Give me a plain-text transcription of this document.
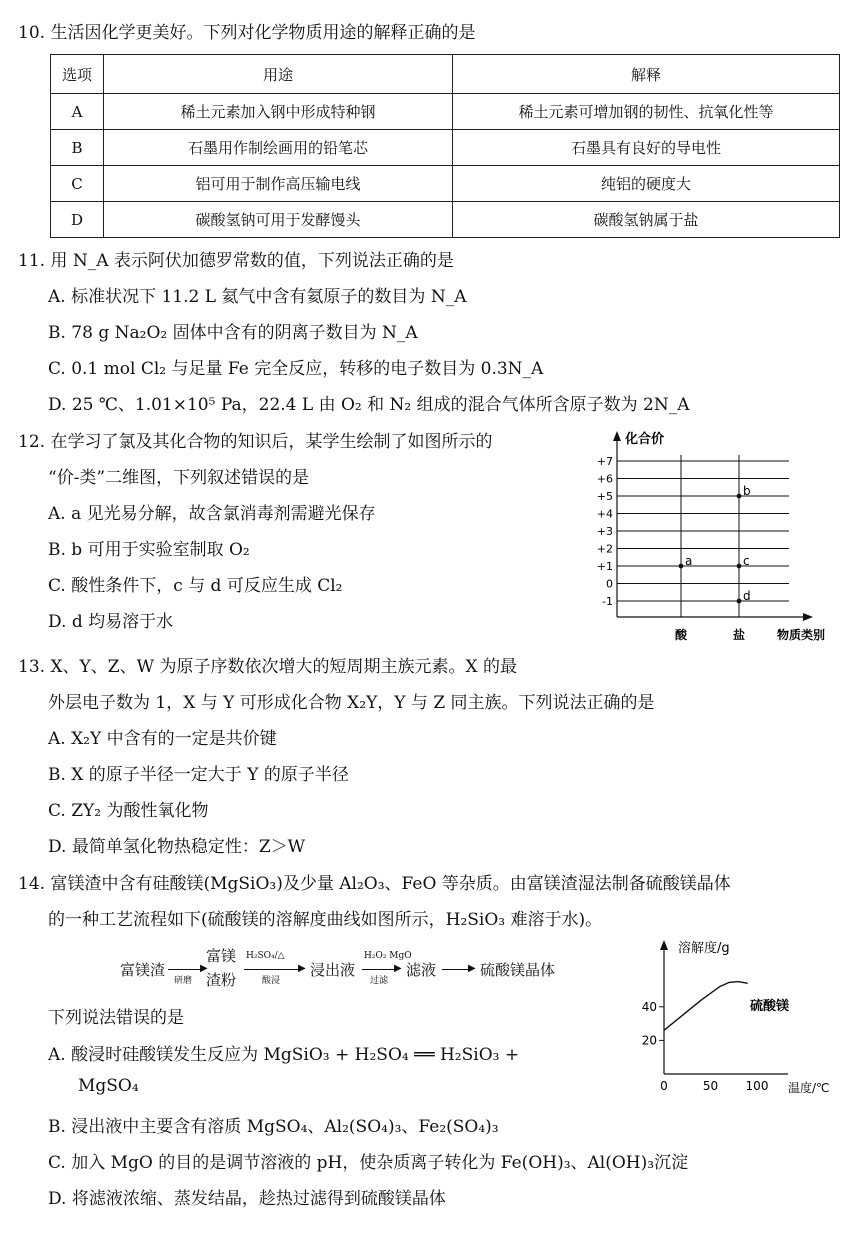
10. 生活因化学更美好。下列对化学物质用途的解释正确的是
选项	用途	解释
A	稀土元素加入钢中形成特种钢	稀土元素可增加钢的韧性、抗氧化性等
B	石墨用作制绘画用的铅笔芯	石墨具有良好的导电性
C	铝可用于制作高压输电线	纯铝的硬度大
D	碳酸氢钠可用于发酵馒头	碳酸氢钠属于盐
11. 用 N_A 表示阿伏加德罗常数的值，下列说法正确的是
A. 标准状况下 11.2 L 氦气中含有氦原子的数目为 N_A
B. 78 g Na₂O₂ 固体中含有的阴离子数目为 N_A
C. 0.1 mol Cl₂ 与足量 Fe 完全反应，转移的电子数目为 0.3N_A
D. 25 ℃、1.01×10⁵ Pa，22.4 L 由 O₂ 和 N₂ 组成的混合气体所含原子数为 2N_A
12. 在学习了氯及其化合物的知识后，某学生绘制了如图所示的
“价-类”二维图，下列叙述错误的是
A. a 见光易分解，故含氯消毒剂需避光保存
B. b 可用于实验室制取 O₂
C. 酸性条件下，c 与 d 可反应生成 Cl₂
D. d 均易溶于水
化合价
物质类别
+7
+6
+5
+4
+3
+2
+1
0
-1
酸	盐
a
b
c
d
13. X、Y、Z、W 为原子序数依次增大的短周期主族元素。X 的最
外层电子数为 1，X 与 Y 可形成化合物 X₂Y，Y 与 Z 同主族。下列说法正确的是
A. X₂Y 中含有的一定是共价键
B. X 的原子半径一定大于 Y 的原子半径
C. ZY₂ 为酸性氧化物
D. 最简单氢化物热稳定性：Z＞W
14. 富镁渣中含有硅酸镁(MgSiO₃)及少量 Al₂O₃、FeO 等杂质。由富镁渣湿法制备硫酸镁晶体
的一种工艺流程如下(硫酸镁的溶解度曲线如图所示，H₂SiO₃ 难溶于水)。
富镁渣	▶
研磨
富镁
渣粉
H₂SO₄/△
▶
酸浸
浸出液
H₂O₂ MgO
▶
过滤
滤液	▶ 硫酸镁晶体
下列说法错误的是
A. 酸浸时硅酸镁发生反应为 MgSiO₃ + H₂SO₄ ══ H₂SiO₃ +
MgSO₄
B. 浸出液中主要含有溶质 MgSO₄、Al₂(SO₄)₃、Fe₂(SO₄)₃
C. 加入 MgO 的目的是调节溶液的 pH，使杂质离子转化为 Fe(OH)₃、Al(OH)₃沉淀
D. 将滤液浓缩、蒸发结晶，趁热过滤得到硫酸镁晶体
溶解度/g
温度/℃
20
40
0	50 100
硫酸镁
